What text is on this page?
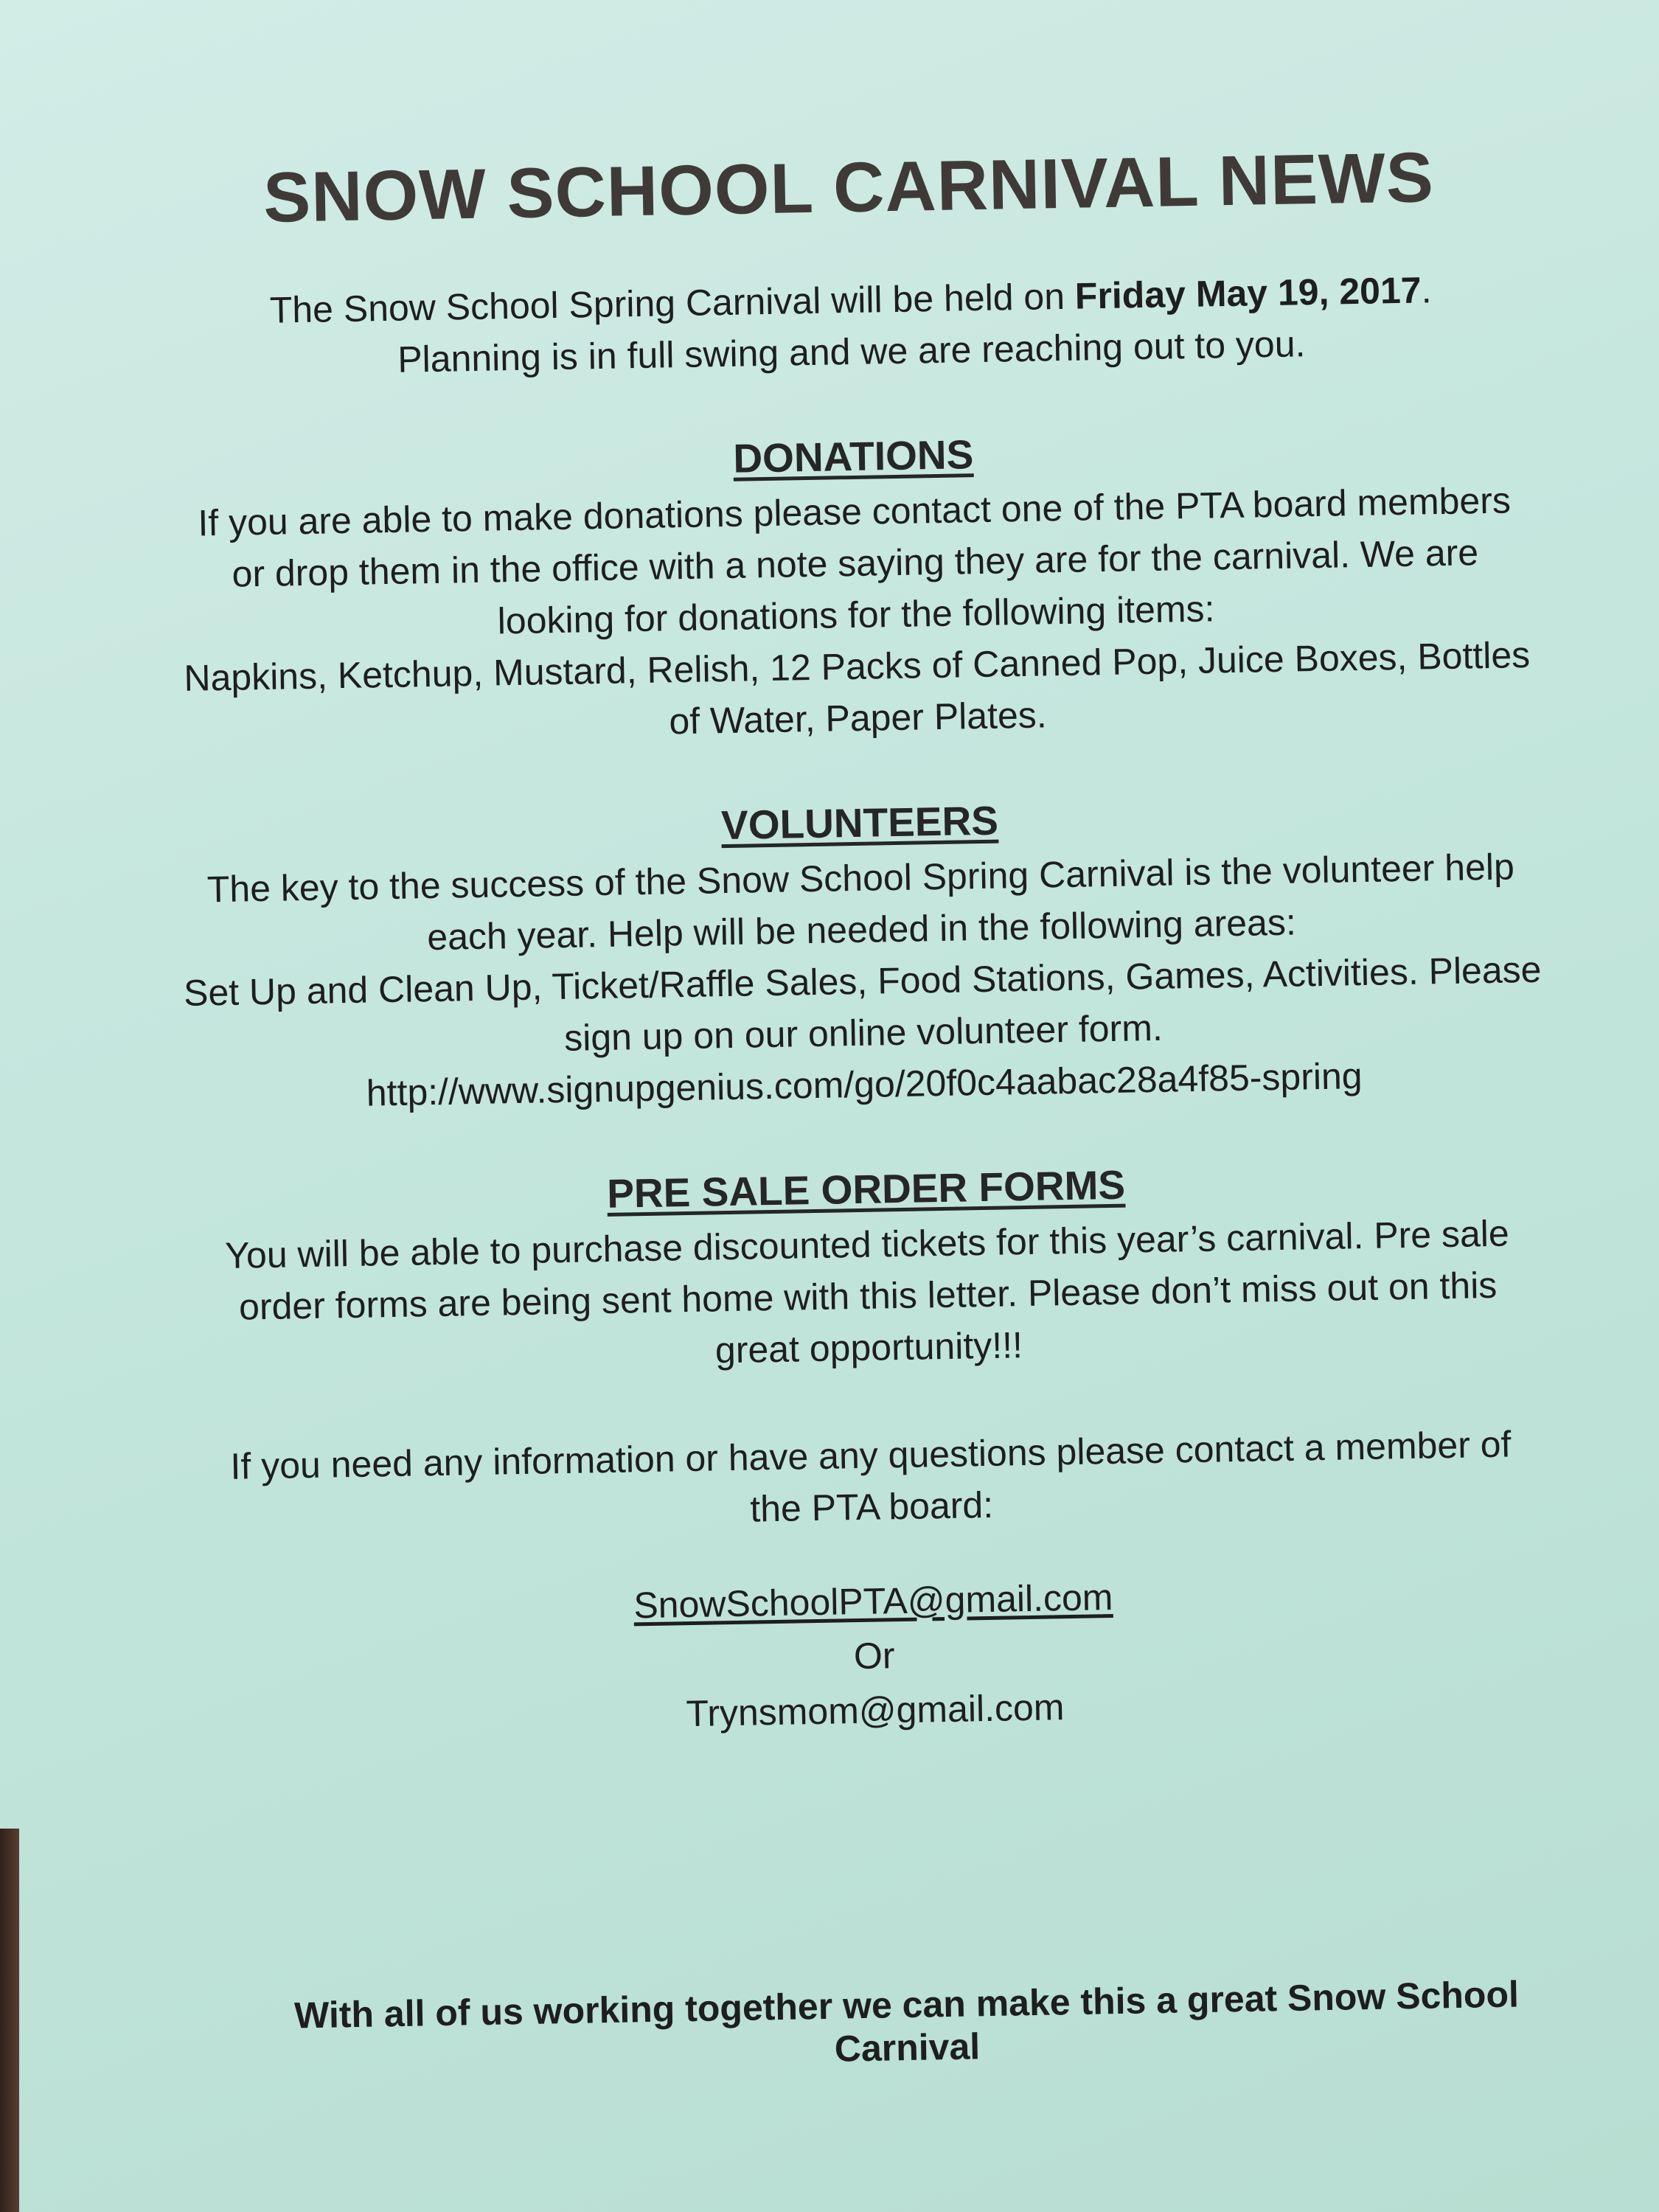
SNOW SCHOOL CARNIVAL NEWS
The Snow School Spring Carnival will be held on Friday May 19, 2017.
Planning is in full swing and we are reaching out to you.
DONATIONS
If you are able to make donations please contact one of the PTA board members
or drop them in the office with a note saying they are for the carnival. We are
looking for donations for the following items:
Napkins, Ketchup, Mustard, Relish, 12 Packs of Canned Pop, Juice Boxes, Bottles
of Water, Paper Plates.
VOLUNTEERS
The key to the success of the Snow School Spring Carnival is the volunteer help
each year. Help will be needed in the following areas:
Set Up and Clean Up, Ticket/Raffle Sales, Food Stations, Games, Activities. Please
sign up on our online volunteer form.
http://www.signupgenius.com/go/20f0c4aabac28a4f85-spring
PRE SALE ORDER FORMS
You will be able to purchase discounted tickets for this year’s carnival. Pre sale
order forms are being sent home with this letter. Please don’t miss out on this
great opportunity!!!
If you need any information or have any questions please contact a member of
the PTA board:
SnowSchoolPTA@gmail.com
Or
Trynsmom@gmail.com
With all of us working together we can make this a great Snow School Carnival
